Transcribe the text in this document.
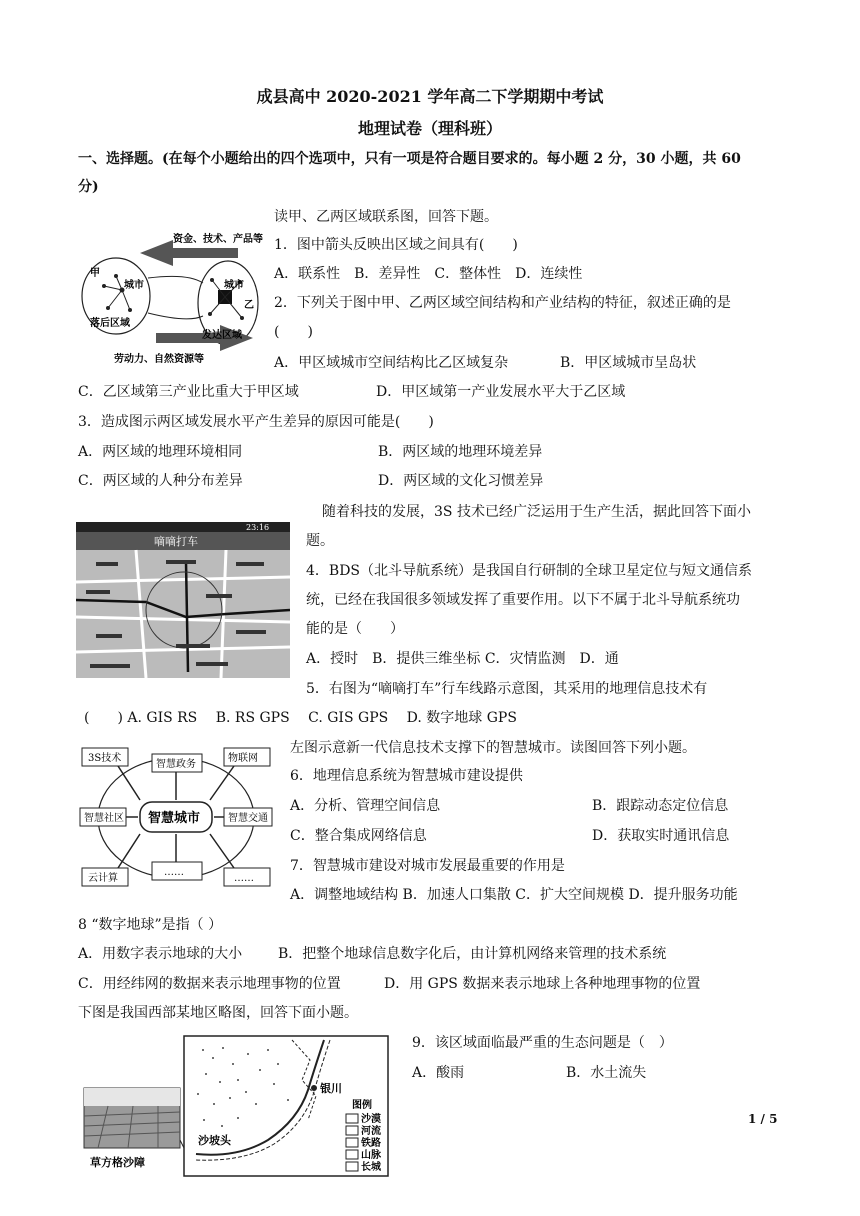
成县高中 2020-2021 学年高二下学期期中考试
地理试卷（理科班）
一、选择题。(在每个小题给出的四个选项中，只有一项是符合题目要求的。每小题 2 分，30 小题，共 60
分)
资金、技术、产品等
劳动力、自然资源等
甲
城市
落后区域
城市
乙
发达区域
读甲、乙两区域联系图，回答下题。
1．图中箭头反映出区域之间具有(　　)
A．联系性　B．差异性　C．整体性　D．连续性
2．下列关于图中甲、乙两区域空间结构和产业结构的特征，叙述正确的是
(　　)
A．甲区域城市空间结构比乙区域复杂	B．甲区域城市呈岛状
C．乙区域第三产业比重大于甲区域	D．甲区域第一产业发展水平大于乙区域
3．造成图示两区域发展水平产生差异的原因可能是(　　)
A．两区域的地理环境相同	B．两区域的地理环境差异
C．两区域的人种分布差异	D．两区域的文化习惯差异
23:16
嘀嘀打车
随着科技的发展，3S 技术已经广泛运用于生产生活，据此回答下面小
题。
4．BDS（北斗导航系统）是我国自行研制的全球卫星定位与短文通信系
统，已经在我国很多领域发挥了重要作用。以下不属于北斗导航系统功
能的是（　　）
A．授时　B．提供三维坐标 C．灾情监测　D．通
5．右图为“嘀嘀打车”行车线路示意图，其采用的地理信息技术有
(　　) A. GIS RS　 B. RS GPS　 C. GIS GPS　 D. 数字地球 GPS
智慧城市
3S技术
智慧政务
物联网
智慧社区	智慧交通
云计算
……
……
左图示意新一代信息技术支撑下的智慧城市。读图回答下列小题。
6．地理信息系统为智慧城市建设提供
A．分析、管理空间信息	B．跟踪动态定位信息
C．整合集成网络信息	D．获取实时通讯信息
7．智慧城市建设对城市发展最重要的作用是
A．调整地域结构 B．加速人口集散 C．扩大空间规模 D．提升服务功能
8 “数字地球”是指（ ）
A．用数字表示地球的大小	B．把整个地球信息数字化后，由计算机网络来管理的技术系统
C．用经纬网的数据来表示地理事物的位置	D．用 GPS 数据来表示地球上各种地理事物的位置
下图是我国西部某地区略图，回答下面小题。
草方格沙障
银川
沙坡头
图例
沙漠
河流
铁路
山脉
长城
9．该区域面临最严重的生态问题是（　）
A．酸雨	B．水土流失
1 / 5
